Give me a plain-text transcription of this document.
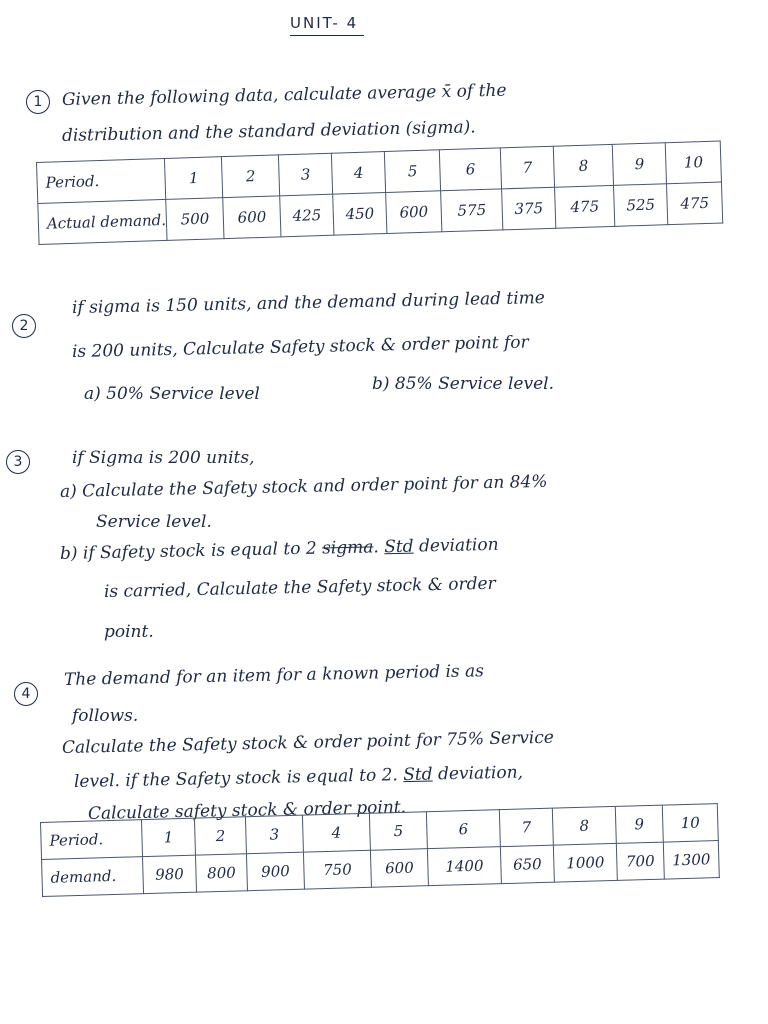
UNIT- 4
1	Given the following data, calculate average x̄ of the
distribution and the standard deviation (sigma).
Period.	1	2	3	4	5	6	7	8	9	10
Actual demand.	500	600	425	450	600	575	375	475	525	475
2
if sigma is 150 units, and the demand during lead time
is 200 units, Calculate Safety stock & order point for
a) 50% Service level	b) 85% Service level.
3	if Sigma is 200 units,
a) Calculate the Safety stock and order point for an 84%
Service level.
b) if Safety stock is equal to 2 sigma. Std deviation
is carried, Calculate the Safety stock & order
point.
4
The demand for an item for a known period is as
follows.
Calculate the Safety stock & order point for 75% Service
level. if the Safety stock is equal to 2. Std deviation,
Calculate safety stock & order point.
Period.	1	2	3	4	5	6	7	8	9	10
demand.	980	800	900	750	600	1400	650	1000	700	1300
